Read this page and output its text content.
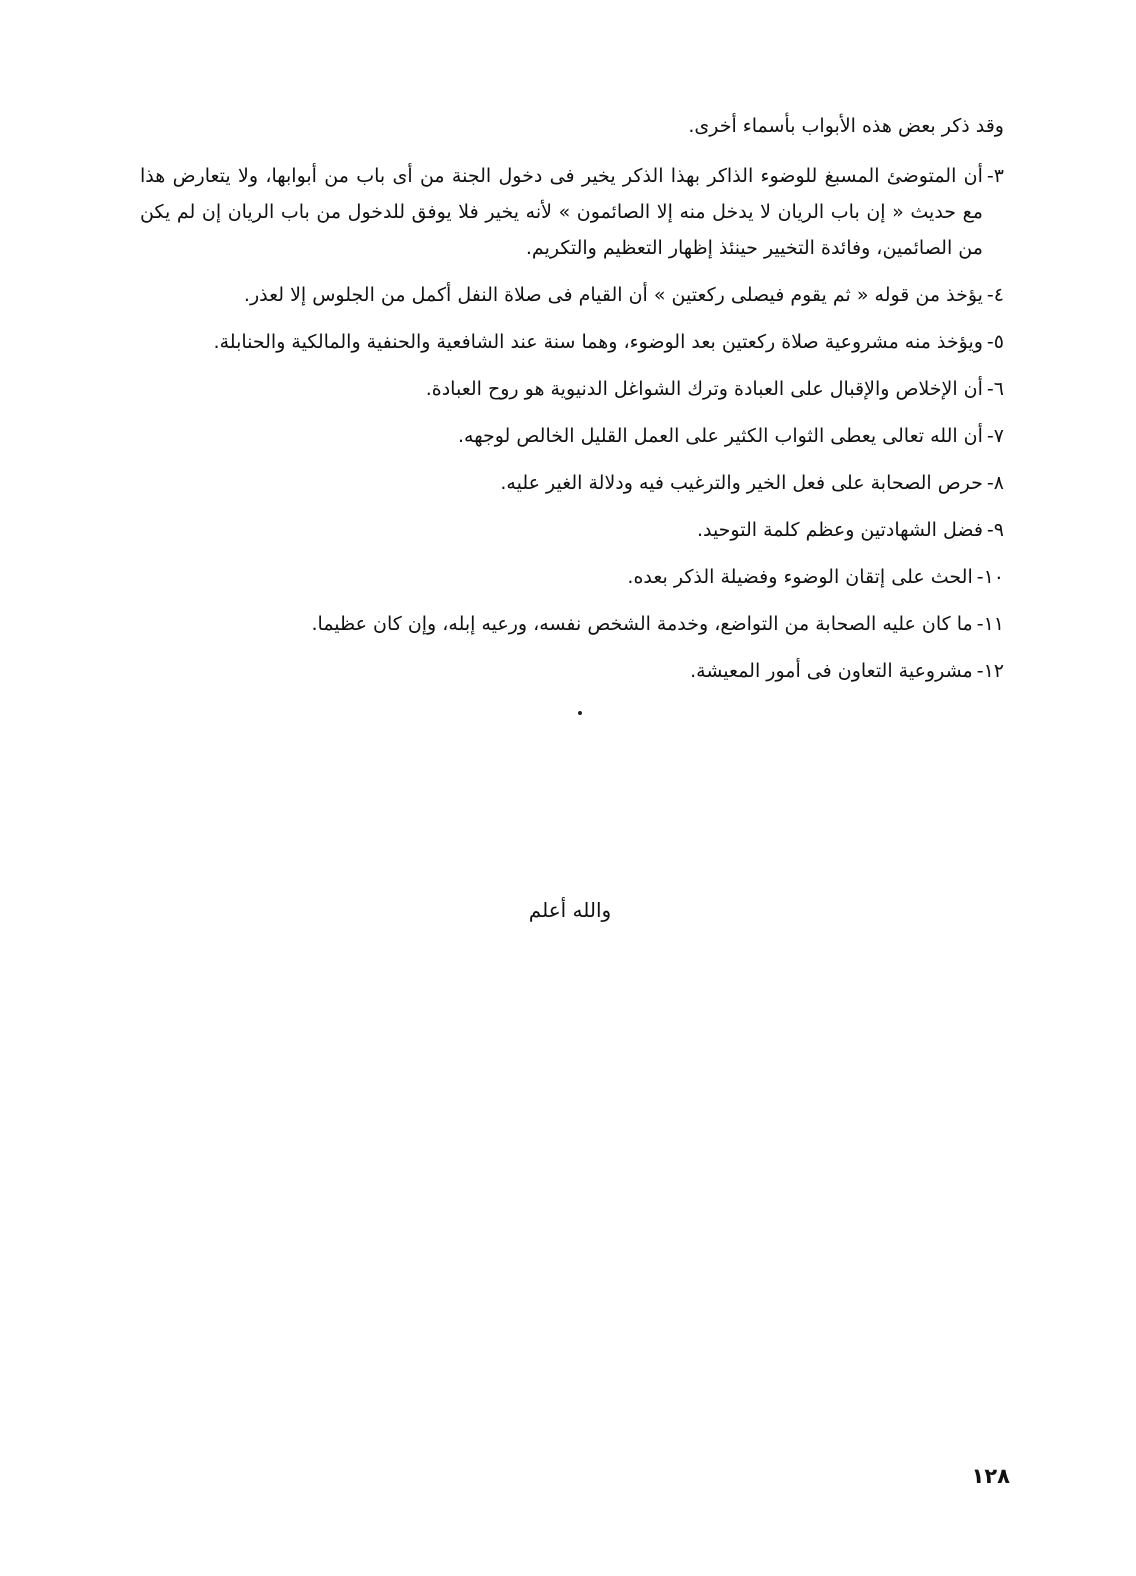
وقد ذكر بعض هذه الأبواب بأسماء أخرى.
٣-
أن المتوضئ المسبغ للوضوء الذاكر بهذا الذكر يخير فى دخول الجنة من أى باب من أبوابها، ولا يتعارض هذا مع حديث « إن باب الريان لا يدخل منه إلا الصائمون » لأنه يخير فلا يوفق للدخول من باب الريان إن لم يكن من الصائمين، وفائدة التخيير حينئذ إظهار التعظيم والتكريم.
٤-
يؤخذ من قوله « ثم يقوم فيصلى ركعتين » أن القيام فى صلاة النفل أكمل من الجلوس إلا لعذر.
٥-
ويؤخذ منه مشروعية صلاة ركعتين بعد الوضوء، وهما سنة عند الشافعية والحنفية والمالكية والحنابلة.
٦-
أن الإخلاص والإقبال على العبادة وترك الشواغل الدنيوية هو روح العبادة.
٧-
أن الله تعالى يعطى الثواب الكثير على العمل القليل الخالص لوجهه.
٨-
حرص الصحابة على فعل الخير والترغيب فيه ودلالة الغير عليه.
٩-
فضل الشهادتين وعظم كلمة التوحيد.
١٠-
الحث على إتقان الوضوء وفضيلة الذكر بعده.
١١-
ما كان عليه الصحابة من التواضع، وخدمة الشخص نفسه، ورعيه إبله، وإن كان عظيما.
١٢-
مشروعية التعاون فى أمور المعيشة.
والله أعلم
١٢٨
